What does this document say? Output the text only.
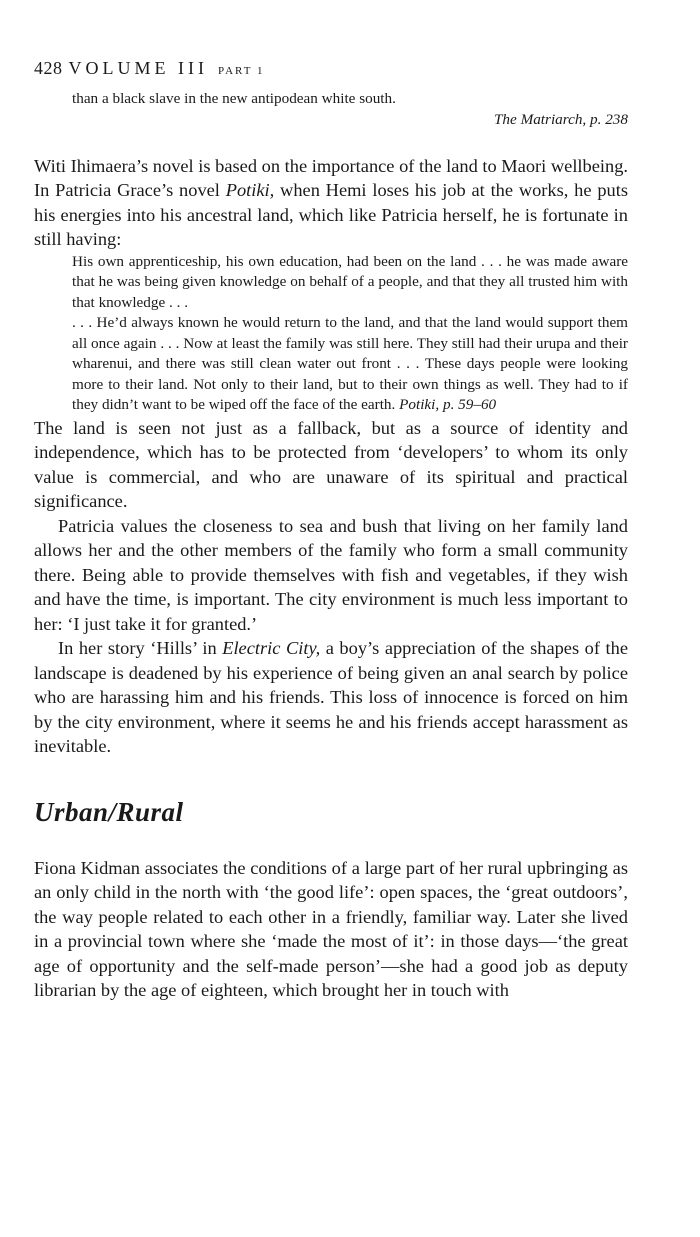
428 VOLUME III PART 1

than a black slave in the new antipodean white south.

The Matriarch, p. 238

Witi Ihimaera’s novel is based on the importance of the land to Maori wellbeing. In Patricia Grace’s novel Potiki, when Hemi loses his job at the works, he puts his energies into his ancestral land, which like Patricia herself, he is fortunate in still having:

His own apprenticeship, his own education, had been on the land . . . he was made aware that he was being given knowledge on behalf of a people, and that they all trusted him with that knowledge . . .

. . . He’d always known he would return to the land, and that the land would support them all once again . . . Now at least the family was still here. They still had their urupa and their wharenui, and there was still clean water out front . . . These days people were looking more to their land. Not only to their land, but to their own things as well. They had to if they didn’t want to be wiped off the face of the earth. Potiki, p. 59–60

The land is seen not just as a fallback, but as a source of identity and independence, which has to be protected from ‘developers’ to whom its only value is commercial, and who are unaware of its spiritual and practical significance.

Patricia values the closeness to sea and bush that living on her family land allows her and the other members of the family who form a small community there. Being able to provide themselves with fish and vegetables, if they wish and have the time, is important. The city environment is much less important to her: ‘I just take it for granted.’

In her story ‘Hills’ in Electric City, a boy’s appreciation of the shapes of the landscape is deadened by his experience of being given an anal search by police who are harassing him and his friends. This loss of innocence is forced on him by the city environment, where it seems he and his friends accept harassment as inevitable.

Urban/Rural

Fiona Kidman associates the conditions of a large part of her rural upbringing as an only child in the north with ‘the good life’: open spaces, the ‘great outdoors’, the way people related to each other in a friendly, familiar way. Later she lived in a provincial town where she ‘made the most of it’: in those days—‘the great age of opportunity and the self-made person’—she had a good job as deputy librarian by the age of eighteen, which brought her in touch with
